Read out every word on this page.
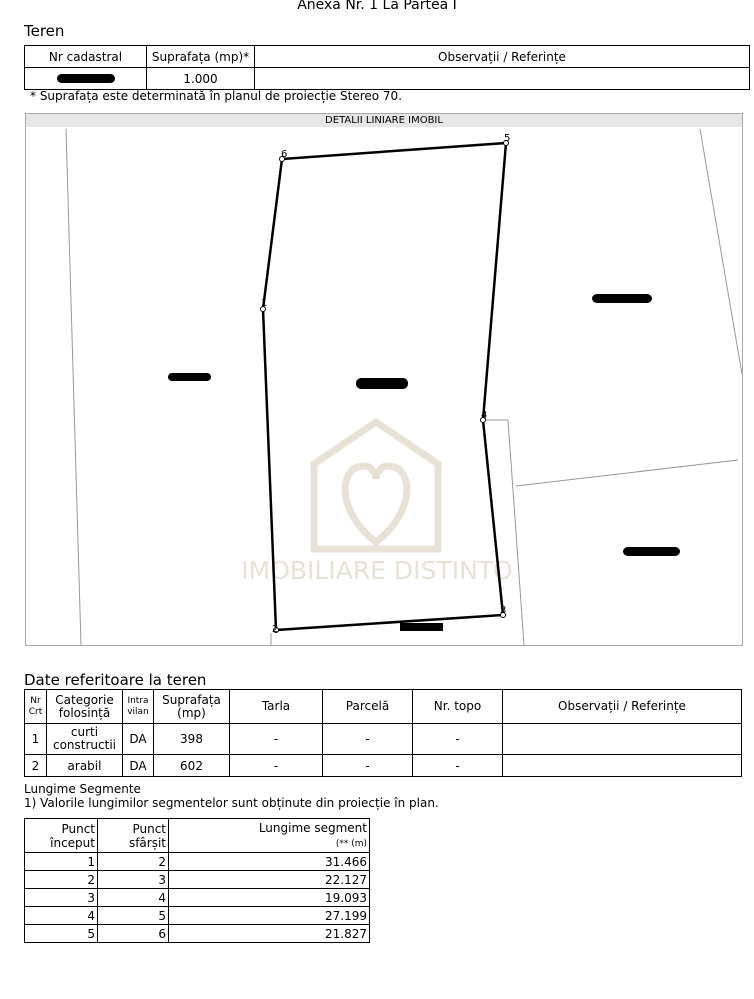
Anexa Nr. 1 La Partea I
Teren
Nr cadastral	Suprafața (mp)*	Observații / Referințe
	1.000	
* Suprafața este determinată în planul de proiecție Stereo 70.
DETALII LINIARE IMOBIL
IMOBILIARE DISTINTO
1
2
3
4
5
6
Date referitoare la teren
Nr Crt	Categorie folosință	Intra vilan	Suprafața (mp)	Tarla	Parcelă	Nr. topo	Observații / Referințe
1	curti constructii	DA	398	-	-	-	
2	arabil	DA	602	-	-	-	
Lungime Segmente
1) Valorile lungimilor segmentelor sunt obținute din proiecție în plan.
Punct început	Punct sfârșit	Lungime segment
(** (m)
1	2	31.466
2	3	22.127
3	4	19.093
4	5	27.199
5	6	21.827
